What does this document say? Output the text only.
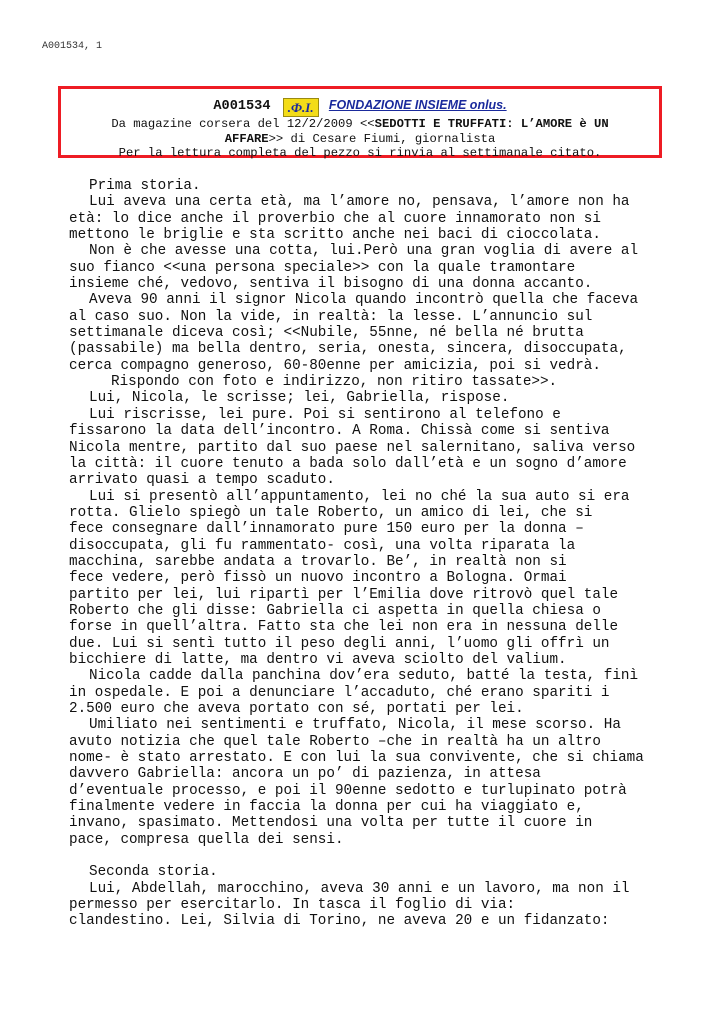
A001534, 1
A001534 .Ф.I. FONDAZIONE INSIEME onlus.
Da magazine corsera del 12/2/2009 <<SEDOTTI E TRUFFATI: L’AMORE è UN
AFFARE>> di Cesare Fiumi, giornalista
Per la lettura completa del pezzo si rinvia al settimanale citato.

Prima storia.

Lui aveva una certa età, ma l’amore no, pensava, l’amore non ha

età: lo dice anche il proverbio che al cuore innamorato non si

mettono le briglie e sta scritto anche nei baci di cioccolata.

Non è che avesse una cotta, lui.Però una gran voglia di avere al

suo fianco <<una persona speciale>> con la quale tramontare

insieme ché, vedovo, sentiva il bisogno di una donna accanto.

Aveva 90 anni il signor Nicola quando incontrò quella che faceva

al caso suo. Non la vide, in realtà: la lesse. L’annuncio sul

settimanale diceva così; <<Nubile, 55nne, né bella né brutta

(passabile) ma bella dentro, seria, onesta, sincera, disoccupata,

cerca compagno generoso, 60-80enne per amicizia, poi si vedrà.

Rispondo con foto e indirizzo, non ritiro tassate>>.

Lui, Nicola, le scrisse; lei, Gabriella, rispose.

Lui riscrisse, lei pure. Poi si sentirono al telefono e

fissarono la data dell’incontro. A Roma. Chissà come si sentiva

Nicola mentre, partito dal suo paese nel salernitano, saliva verso

la città: il cuore tenuto a bada solo dall’età e un sogno d’amore

arrivato quasi a tempo scaduto.

Lui si presentò all’appuntamento, lei no ché la sua auto si era

rotta. Glielo spiegò un tale Roberto, un amico di lei, che si

fece consegnare dall’innamorato pure 150 euro per la donna –

disoccupata, gli fu rammentato- così, una volta riparata la

macchina, sarebbe andata a trovarlo. Be’, in realtà non si

fece vedere, però fissò un nuovo incontro a Bologna. Ormai

partito per lei, lui ripartì per l’Emilia dove ritrovò quel tale

Roberto che gli disse: Gabriella ci aspetta in quella chiesa o

forse in quell’altra. Fatto sta che lei non era in nessuna delle

due. Lui si sentì tutto il peso degli anni, l’uomo gli offrì un

bicchiere di latte, ma dentro vi aveva sciolto del valium.

Nicola cadde dalla panchina dov’era seduto, batté la testa, finì

in ospedale. E poi a denunciare l’accaduto, ché erano spariti i

2.500 euro che aveva portato con sé, portati per lei.

Umiliato nei sentimenti e truffato, Nicola, il mese scorso. Ha

avuto notizia che quel tale Roberto –che in realtà ha un altro

nome- è stato arrestato. E con lui la sua convivente, che si chiama

davvero Gabriella: ancora un po’ di pazienza, in attesa

d’eventuale processo, e poi il 90enne sedotto e turlupinato potrà

finalmente vedere in faccia la donna per cui ha viaggiato e,

invano, spasimato. Mettendosi una volta per tutte il cuore in

pace, compresa quella dei sensi.

Seconda storia.

Lui, Abdellah, marocchino, aveva 30 anni e un lavoro, ma non il

permesso per esercitarlo. In tasca il foglio di via:

clandestino. Lei, Silvia di Torino, ne aveva 20 e un fidanzato:
